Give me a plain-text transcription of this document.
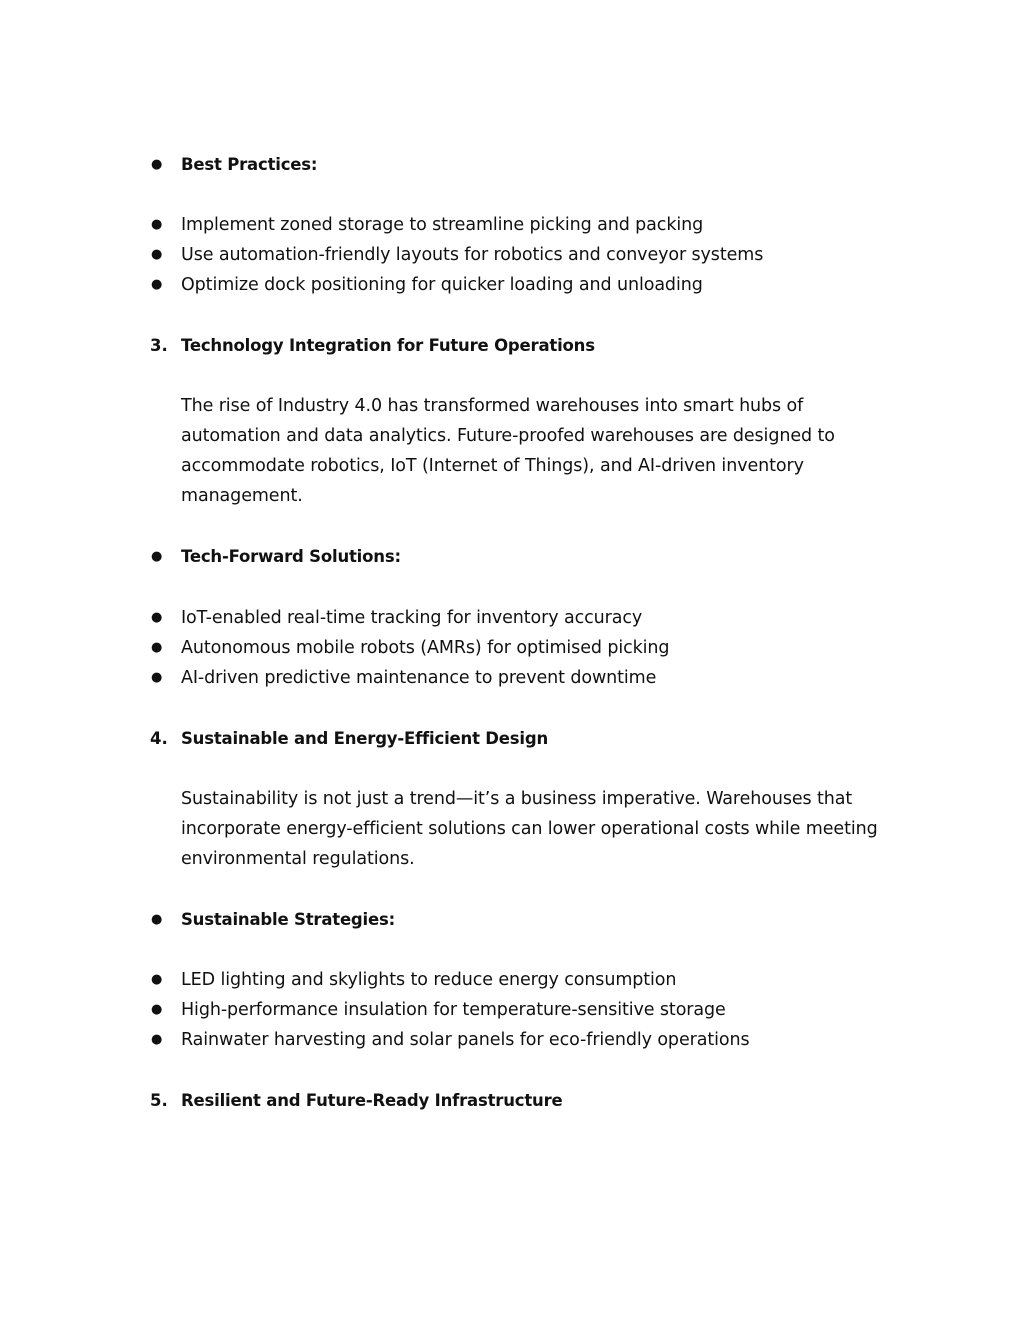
● Best Practices:
● Implement zoned storage to streamline picking and packing
● Use automation-friendly layouts for robotics and conveyor systems
● Optimize dock positioning for quicker loading and unloading
3. Technology Integration for Future Operations
The rise of Industry 4.0 has transformed warehouses into smart hubs of
automation and data analytics. Future-proofed warehouses are designed to
accommodate robotics, IoT (Internet of Things), and AI-driven inventory
management.
● Tech-Forward Solutions:
● IoT-enabled real-time tracking for inventory accuracy
● Autonomous mobile robots (AMRs) for optimised picking
● AI-driven predictive maintenance to prevent downtime
4. Sustainable and Energy-Efficient Design
Sustainability is not just a trend—it’s a business imperative. Warehouses that
incorporate energy-efficient solutions can lower operational costs while meeting
environmental regulations.
● Sustainable Strategies:
● LED lighting and skylights to reduce energy consumption
● High-performance insulation for temperature-sensitive storage
● Rainwater harvesting and solar panels for eco-friendly operations
5. Resilient and Future-Ready Infrastructure
